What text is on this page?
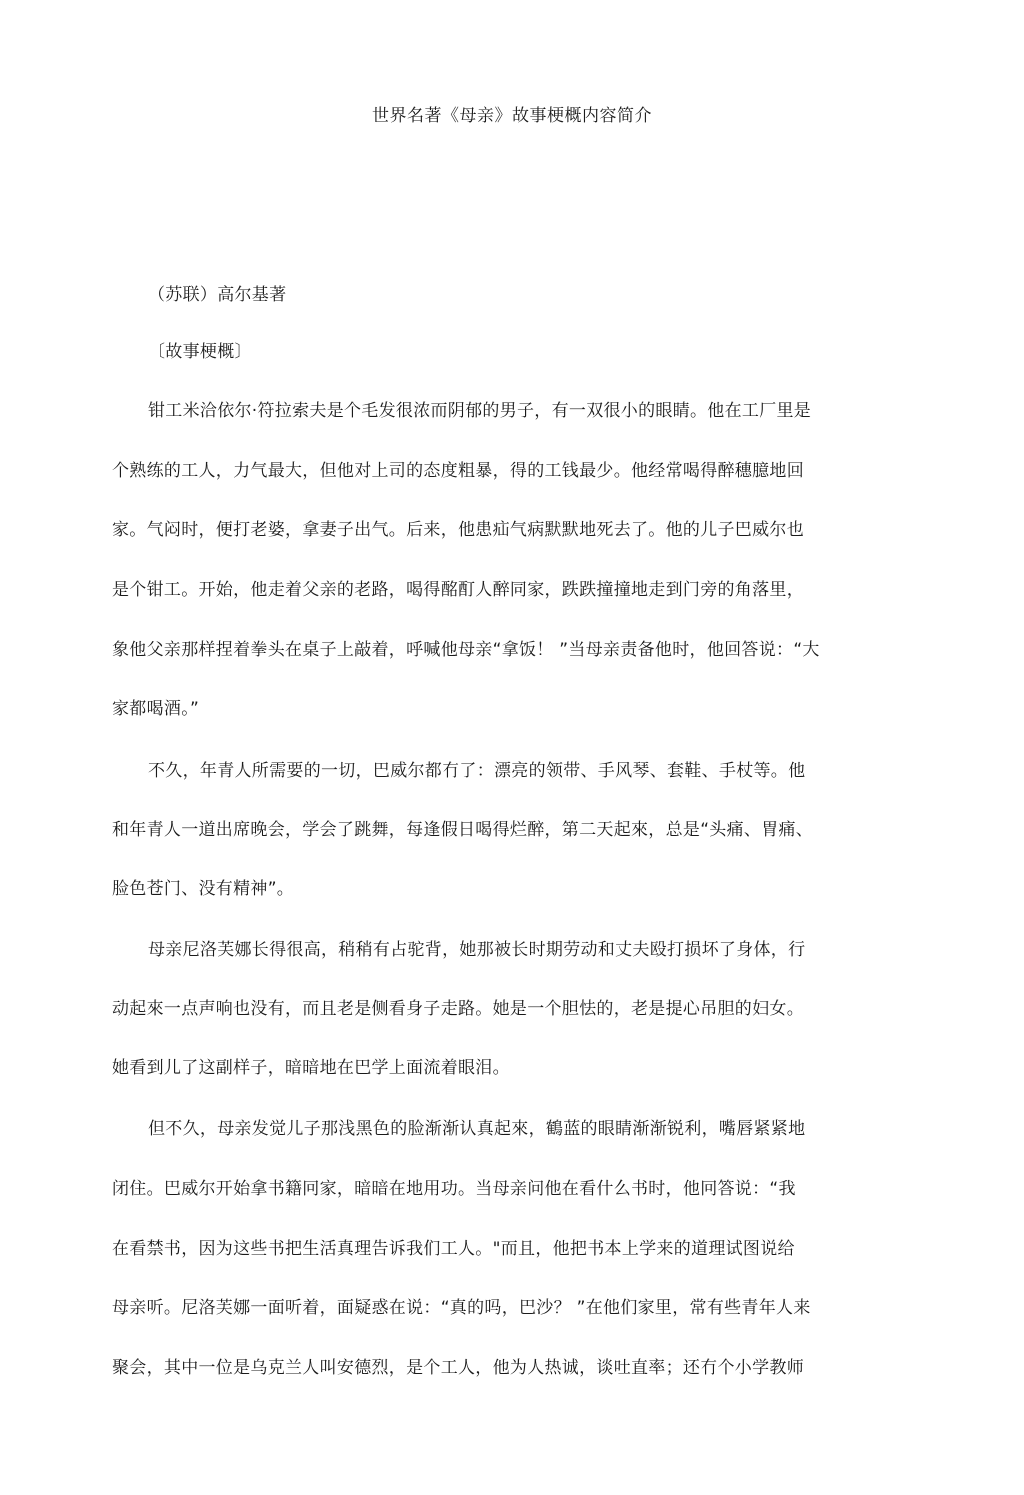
世界名著《母亲》故事梗概内容简介
（苏联）高尔基著
〔故事梗概〕
钳工米洽依尔·符拉索夫是个毛发很浓而阴郁的男子，有一双很小的眼睛。他在工厂里是
个熟练的工人，力气最大，但他对上司的态度粗暴，得的工钱最少。他经常喝得醉穗臆地回
家。气闷时，便打老婆，拿妻子出气。后来，他患疝气病默默地死去了。他的儿子巴威尔也
是个钳工。开始，他走着父亲的老路，喝得酩酊人醉同家，跌跌撞撞地走到门旁的角落里，
象他父亲那样捏着拳头在桌子上敲着，呼喊他母亲“拿饭！ ”当母亲责备他时，他回答说：“大
家都喝酒。”
不久，年青人所需要的一切，巴威尔都冇了：漂亮的领带、手风琴、套鞋、手杖等。他
和年青人一道出席晚会，学会了跳舞，每逢假日喝得烂醉，第二天起來，总是“头痛、胃痛、
脸色苍门、没有精神”。
母亲尼洛芙娜长得很高，稍稍有占驼背，她那被长时期劳动和丈夫殴打损坏了身体，行
动起來一点声响也没有，而且老是侧看身子走路。她是一个胆怯的，老是提心吊胆的妇女。
她看到儿了这副样子，暗暗地在巴学上面流着眼泪。
但不久，母亲发觉儿子那浅黑色的脸渐渐认真起來，鶴蓝的眼睛渐渐锐利，嘴唇紧紧地
闭住。巴威尔开始拿书籍冋家，暗暗在地用功。当母亲问他在看什么书时，他冋答说：“我
在看禁书，因为这些书把生活真理告诉我们工人。"而且，他把书本上学来的道理试图说给
母亲听。尼洛芙娜一面听着，面疑惑在说：“真的吗，巴沙？ ”在他们家里，常有些青年人来
聚会，其中一位是乌克兰人叫安德烈，是个工人，他为人热诚，谈吐直率；还冇个小学教师
